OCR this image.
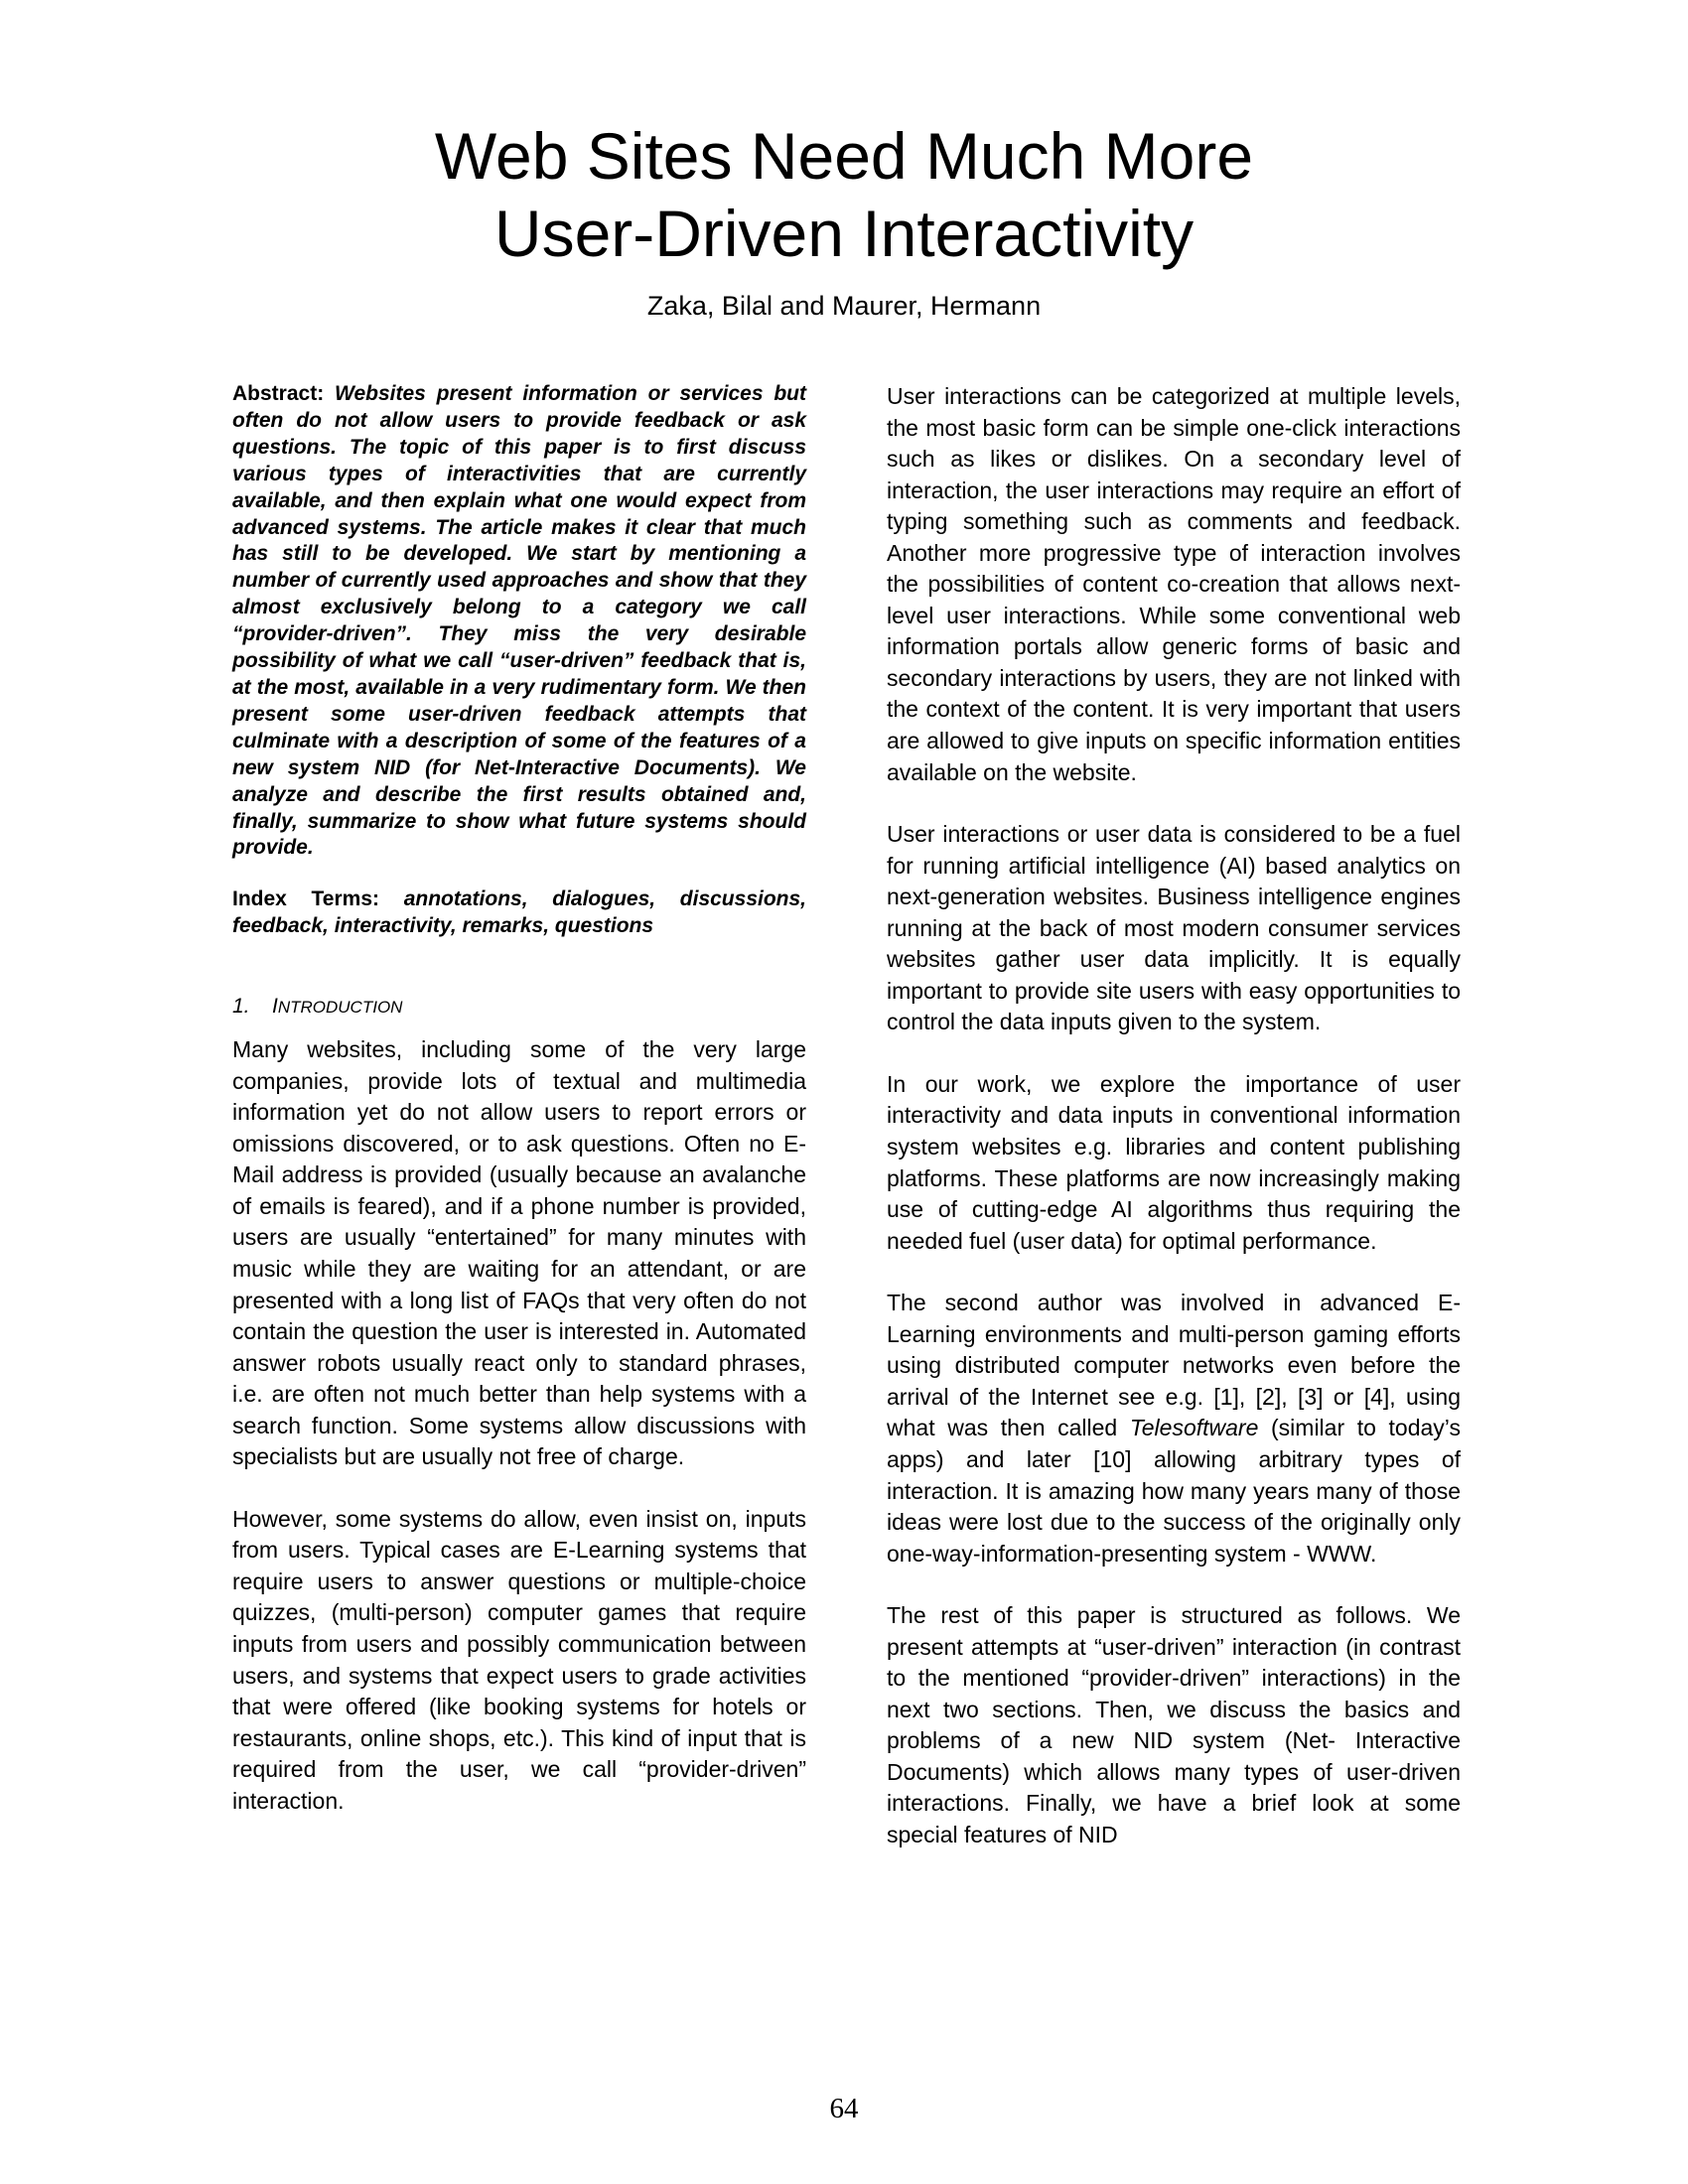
Web Sites Need Much More
User-Driven Interactivity
Zaka, Bilal and Maurer, Hermann

Abstract: Websites present information or services but often do not allow users to provide feedback or ask questions. The topic of this paper is to first discuss various types of interactivities that are currently available, and then explain what one would expect from advanced systems. The article makes it clear that much has still to be developed. We start by mentioning a number of currently used approaches and show that they almost exclusively belong to a category we call “provider-driven”. They miss the very desirable possibility of what we call “user-driven” feedback that is, at the most, available in a very rudimentary form. We then present some user-driven feedback attempts that culminate with a description of some of the features of a new system NID (for Net-Interactive Documents). We analyze and describe the first results obtained and, finally, summarize to show what future systems should provide.

Index Terms: annotations, dialogues, discussions, feedback, interactivity, remarks, questions

1. INTRODUCTION

Many websites, including some of the very large companies, provide lots of textual and multimedia information yet do not allow users to report errors or omissions discovered, or to ask questions. Often no E-Mail address is provided (usually because an avalanche of emails is feared), and if a phone number is provided, users are usually “entertained” for many minutes with music while they are waiting for an attendant, or are presented with a long list of FAQs that very often do not contain the question the user is interested in. Automated answer robots usually react only to standard phrases, i.e. are often not much better than help systems with a search function. Some systems allow discussions with specialists but are usually not free of charge.

However, some systems do allow, even insist on, inputs from users. Typical cases are E-Learning systems that require users to answer questions or multiple-choice quizzes, (multi-person) computer games that require inputs from users and possibly communication between users, and systems that expect users to grade activities that were offered (like booking systems for hotels or restaurants, online shops, etc.). This kind of input that is required from the user, we call “provider-driven” interaction.

User interactions can be categorized at multiple levels, the most basic form can be simple one-click interactions such as likes or dislikes. On a secondary level of interaction, the user interactions may require an effort of typing something such as comments and feedback. Another more progressive type of interaction involves the possibilities of content co-creation that allows next-level user interactions. While some conventional web information portals allow generic forms of basic and secondary interactions by users, they are not linked with the context of the content. It is very important that users are allowed to give inputs on specific information entities available on the website.

User interactions or user data is considered to be a fuel for running artificial intelligence (AI) based analytics on next-generation websites. Business intelligence engines running at the back of most modern consumer services websites gather user data implicitly. It is equally important to provide site users with easy opportunities to control the data inputs given to the system.

In our work, we explore the importance of user interactivity and data inputs in conventional information system websites e.g. libraries and content publishing platforms. These platforms are now increasingly making use of cutting-edge AI algorithms thus requiring the needed fuel (user data) for optimal performance.

The second author was involved in advanced E-Learning environments and multi-person gaming efforts using distributed computer networks even before the arrival of the Internet see e.g. [1], [2], [3] or [4], using what was then called Telesoftware (similar to today’s apps) and later [10] allowing arbitrary types of interaction. It is amazing how many years many of those ideas were lost due to the success of the originally only one-way-information-presenting system - WWW.

The rest of this paper is structured as follows. We present attempts at “user-driven” interaction (in contrast to the mentioned “provider-driven” interactions) in the next two sections. Then, we discuss the basics and problems of a new NID system (Net- Interactive Documents) which allows many types of user-driven interactions. Finally, we have a brief look at some special features of NID

64
